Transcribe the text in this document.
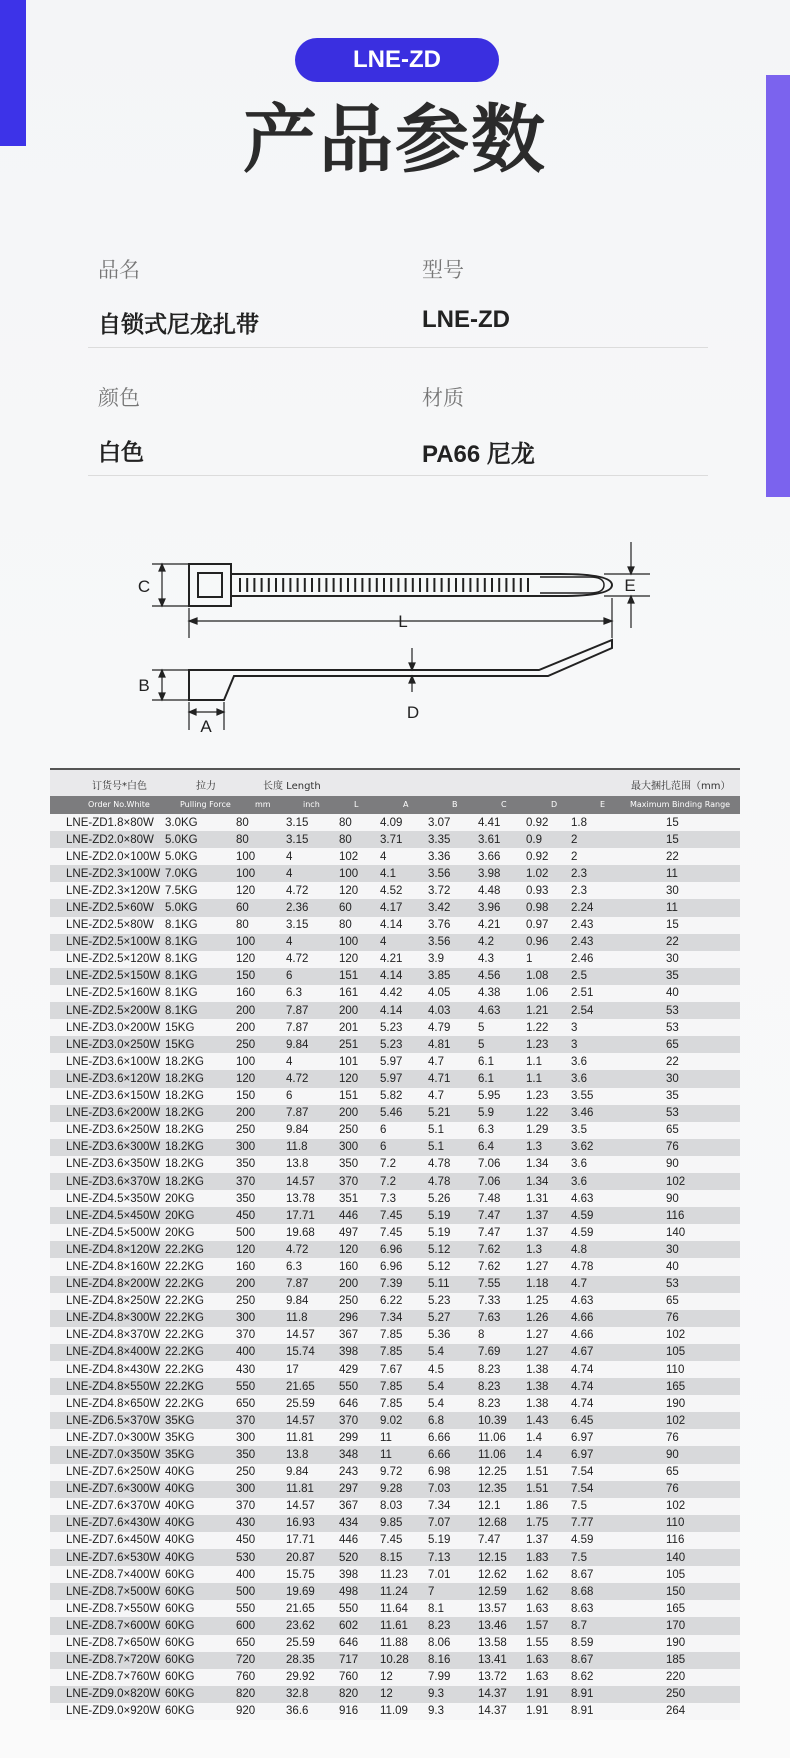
LNE-ZD
产品参数
品名	型号
自锁式尼龙扎带	LNE-ZD
颜色	材质
白色	PA66 尼龙
C	E
L
B
D
A
订货号*白色	拉力	长度 Length	最大捆扎范围（mm）
Order No.White	Pulling Force	mm	inch	L	A	B	C	D	E	Maximum Binding Range
LNE-ZD1.8×80W	3.0KG	80	3.15	80	4.09	3.07	4.41	0.92	1.8	15
LNE-ZD2.0×80W	5.0KG	80	3.15	80	3.71	3.35	3.61	0.9	2	15
LNE-ZD2.0×100W	5.0KG	100	4	102	4	3.36	3.66	0.92	2	22
LNE-ZD2.3×100W	7.0KG	100	4	100	4.1	3.56	3.98	1.02	2.3	11
LNE-ZD2.3×120W	7.5KG	120	4.72	120	4.52	3.72	4.48	0.93	2.3	30
LNE-ZD2.5×60W	5.0KG	60	2.36	60	4.17	3.42	3.96	0.98	2.24	11
LNE-ZD2.5×80W	8.1KG	80	3.15	80	4.14	3.76	4.21	0.97	2.43	15
LNE-ZD2.5×100W	8.1KG	100	4	100	4	3.56	4.2	0.96	2.43	22
LNE-ZD2.5×120W	8.1KG	120	4.72	120	4.21	3.9	4.3	1	2.46	30
LNE-ZD2.5×150W	8.1KG	150	6	151	4.14	3.85	4.56	1.08	2.5	35
LNE-ZD2.5×160W	8.1KG	160	6.3	161	4.42	4.05	4.38	1.06	2.51	40
LNE-ZD2.5×200W	8.1KG	200	7.87	200	4.14	4.03	4.63	1.21	2.54	53
LNE-ZD3.0×200W	15KG	200	7.87	201	5.23	4.79	5	1.22	3	53
LNE-ZD3.0×250W	15KG	250	9.84	251	5.23	4.81	5	1.23	3	65
LNE-ZD3.6×100W	18.2KG	100	4	101	5.97	4.7	6.1	1.1	3.6	22
LNE-ZD3.6×120W	18.2KG	120	4.72	120	5.97	4.71	6.1	1.1	3.6	30
LNE-ZD3.6×150W	18.2KG	150	6	151	5.82	4.7	5.95	1.23	3.55	35
LNE-ZD3.6×200W	18.2KG	200	7.87	200	5.46	5.21	5.9	1.22	3.46	53
LNE-ZD3.6×250W	18.2KG	250	9.84	250	6	5.1	6.3	1.29	3.5	65
LNE-ZD3.6×300W	18.2KG	300	11.8	300	6	5.1	6.4	1.3	3.62	76
LNE-ZD3.6×350W	18.2KG	350	13.8	350	7.2	4.78	7.06	1.34	3.6	90
LNE-ZD3.6×370W	18.2KG	370	14.57	370	7.2	4.78	7.06	1.34	3.6	102
LNE-ZD4.5×350W	20KG	350	13.78	351	7.3	5.26	7.48	1.31	4.63	90
LNE-ZD4.5×450W	20KG	450	17.71	446	7.45	5.19	7.47	1.37	4.59	116
LNE-ZD4.5×500W	20KG	500	19.68	497	7.45	5.19	7.47	1.37	4.59	140
LNE-ZD4.8×120W	22.2KG	120	4.72	120	6.96	5.12	7.62	1.3	4.8	30
LNE-ZD4.8×160W	22.2KG	160	6.3	160	6.96	5.12	7.62	1.27	4.78	40
LNE-ZD4.8×200W	22.2KG	200	7.87	200	7.39	5.11	7.55	1.18	4.7	53
LNE-ZD4.8×250W	22.2KG	250	9.84	250	6.22	5.23	7.33	1.25	4.63	65
LNE-ZD4.8×300W	22.2KG	300	11.8	296	7.34	5.27	7.63	1.26	4.66	76
LNE-ZD4.8×370W	22.2KG	370	14.57	367	7.85	5.36	8	1.27	4.66	102
LNE-ZD4.8×400W	22.2KG	400	15.74	398	7.85	5.4	7.69	1.27	4.67	105
LNE-ZD4.8×430W	22.2KG	430	17	429	7.67	4.5	8.23	1.38	4.74	110
LNE-ZD4.8×550W	22.2KG	550	21.65	550	7.85	5.4	8.23	1.38	4.74	165
LNE-ZD4.8×650W	22.2KG	650	25.59	646	7.85	5.4	8.23	1.38	4.74	190
LNE-ZD6.5×370W	35KG	370	14.57	370	9.02	6.8	10.39	1.43	6.45	102
LNE-ZD7.0×300W	35KG	300	11.81	299	11	6.66	11.06	1.4	6.97	76
LNE-ZD7.0×350W	35KG	350	13.8	348	11	6.66	11.06	1.4	6.97	90
LNE-ZD7.6×250W	40KG	250	9.84	243	9.72	6.98	12.25	1.51	7.54	65
LNE-ZD7.6×300W	40KG	300	11.81	297	9.28	7.03	12.35	1.51	7.54	76
LNE-ZD7.6×370W	40KG	370	14.57	367	8.03	7.34	12.1	1.86	7.5	102
LNE-ZD7.6×430W	40KG	430	16.93	434	9.85	7.07	12.68	1.75	7.77	110
LNE-ZD7.6×450W	40KG	450	17.71	446	7.45	5.19	7.47	1.37	4.59	116
LNE-ZD7.6×530W	40KG	530	20.87	520	8.15	7.13	12.15	1.83	7.5	140
LNE-ZD8.7×400W	60KG	400	15.75	398	11.23	7.01	12.62	1.62	8.67	105
LNE-ZD8.7×500W	60KG	500	19.69	498	11.24	7	12.59	1.62	8.68	150
LNE-ZD8.7×550W	60KG	550	21.65	550	11.64	8.1	13.57	1.63	8.63	165
LNE-ZD8.7×600W	60KG	600	23.62	602	11.61	8.23	13.46	1.57	8.7	170
LNE-ZD8.7×650W	60KG	650	25.59	646	11.88	8.06	13.58	1.55	8.59	190
LNE-ZD8.7×720W	60KG	720	28.35	717	10.28	8.16	13.41	1.63	8.67	185
LNE-ZD8.7×760W	60KG	760	29.92	760	12	7.99	13.72	1.63	8.62	220
LNE-ZD9.0×820W	60KG	820	32.8	820	12	9.3	14.37	1.91	8.91	250
LNE-ZD9.0×920W	60KG	920	36.6	916	11.09	9.3	14.37	1.91	8.91	264
